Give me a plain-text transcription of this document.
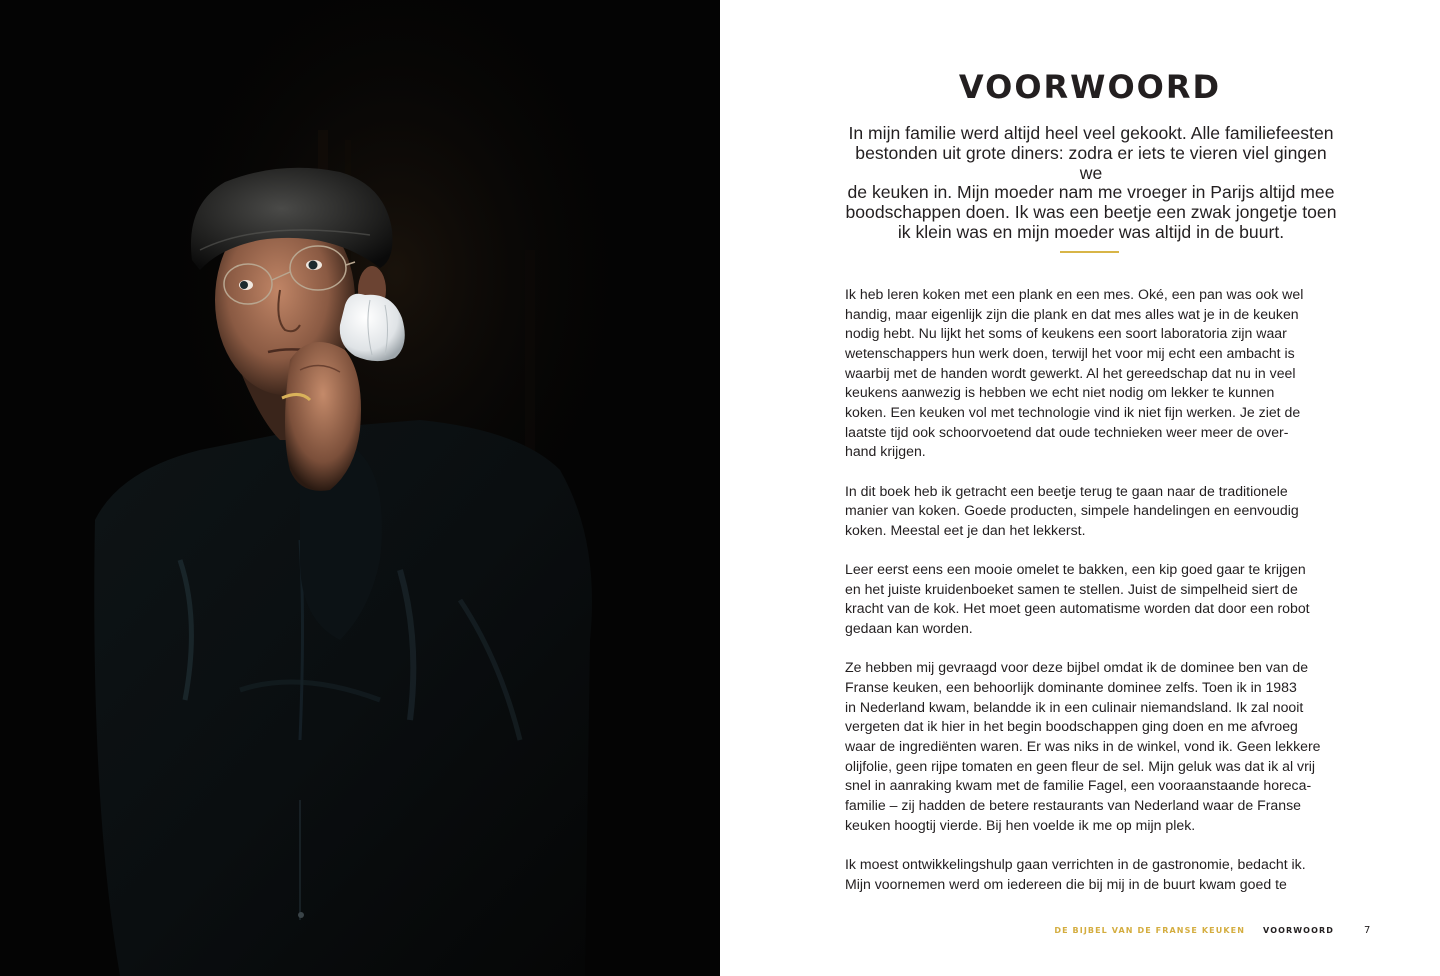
VOORWOORD
In mijn familie werd altijd heel veel gekookt. Alle familiefeesten
bestonden uit grote diners: zodra er iets te vieren viel gingen we
de keuken in. Mijn moeder nam me vroeger in Parijs altijd mee
boodschappen doen. Ik was een beetje een zwak jongetje toen
ik klein was en mijn moeder was altijd in de buurt.

Ik heb leren koken met een plank en een mes. Oké, een pan was ook wel
handig, maar eigenlijk zijn die plank en dat mes alles wat je in de keuken
nodig hebt. Nu lijkt het soms of keukens een soort laboratoria zijn waar
wetenschappers hun werk doen, terwijl het voor mij echt een ambacht is
waarbij met de handen wordt gewerkt. Al het gereedschap dat nu in veel
keukens aanwezig is hebben we echt niet nodig om lekker te kunnen
koken. Een keuken vol met technologie vind ik niet fijn werken. Je ziet de
laatste tijd ook schoorvoetend dat oude technieken weer meer de over-
hand krijgen.

In dit boek heb ik getracht een beetje terug te gaan naar de traditionele
manier van koken. Goede producten, simpele handelingen en eenvoudig
koken. Meestal eet je dan het lekkerst.

Leer eerst eens een mooie omelet te bakken, een kip goed gaar te krijgen
en het juiste kruidenboeket samen te stellen. Juist de simpelheid siert de
kracht van de kok. Het moet geen automatisme worden dat door een robot
gedaan kan worden.

Ze hebben mij gevraagd voor deze bijbel omdat ik de dominee ben van de
Franse keuken, een behoorlijk dominante dominee zelfs. Toen ik in 1983
in Nederland kwam, belandde ik in een culinair niemandsland. Ik zal nooit
vergeten dat ik hier in het begin boodschappen ging doen en me afvroeg
waar de ingrediënten waren. Er was niks in de winkel, vond ik. Geen lekkere
olijfolie, geen rijpe tomaten en geen fleur de sel. Mijn geluk was dat ik al vrij
snel in aanraking kwam met de familie Fagel, een vooraanstaande horeca-
familie – zij hadden de betere restaurants van Nederland waar de Franse
keuken hoogtij vierde. Bij hen voelde ik me op mijn plek.

Ik moest ontwikkelingshulp gaan verrichten in de gastronomie, bedacht ik.
Mijn voornemen werd om iedereen die bij mij in de buurt kwam goed te

DE BIJBEL VAN DE FRANSE KEUKEN VOORWOORD	7
